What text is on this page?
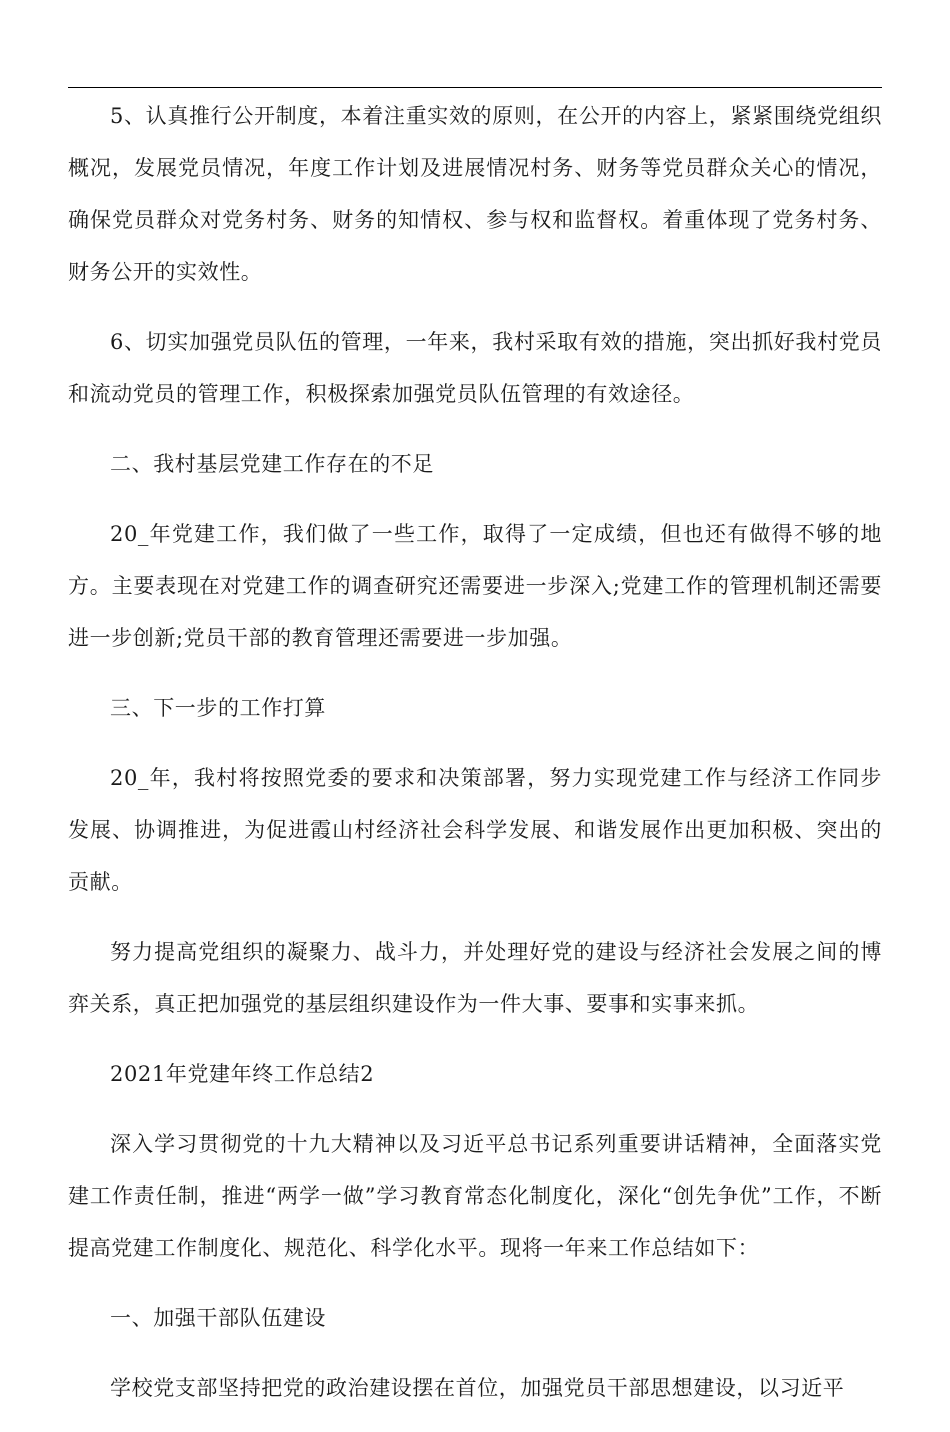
5、认真推行公开制度，本着注重实效的原则，在公开的内容上，紧紧围绕党组织概况，发展党员情况，年度工作计划及进展情况村务、财务等党员群众关心的情况，确保党员群众对党务村务、财务的知情权、参与权和监督权。着重体现了党务村务、财务公开的实效性。

6、切实加强党员队伍的管理，一年来，我村采取有效的措施，突出抓好我村党员和流动党员的管理工作，积极探索加强党员队伍管理的有效途径。

二、我村基层党建工作存在的不足

20_年党建工作，我们做了一些工作，取得了一定成绩，但也还有做得不够的地方。主要表现在对党建工作的调查研究还需要进一步深入;党建工作的管理机制还需要进一步创新;党员干部的教育管理还需要进一步加强。

三、下一步的工作打算

20_年，我村将按照党委的要求和决策部署，努力实现党建工作与经济工作同步发展、协调推进，为促进霞山村经济社会科学发展、和谐发展作出更加积极、突出的贡献。

努力提高党组织的凝聚力、战斗力，并处理好党的建设与经济社会发展之间的博弈关系，真正把加强党的基层组织建设作为一件大事、要事和实事来抓。

2021年党建年终工作总结2

深入学习贯彻党的十九大精神以及习近平总书记系列重要讲话精神，全面落实党建工作责任制，推进“两学一做”学习教育常态化制度化，深化“创先争优”工作，不断提高党建工作制度化、规范化、科学化水平。现将一年来工作总结如下：

一、加强干部队伍建设

学校党支部坚持把党的政治建设摆在首位，加强党员干部思想建设，以习近平
